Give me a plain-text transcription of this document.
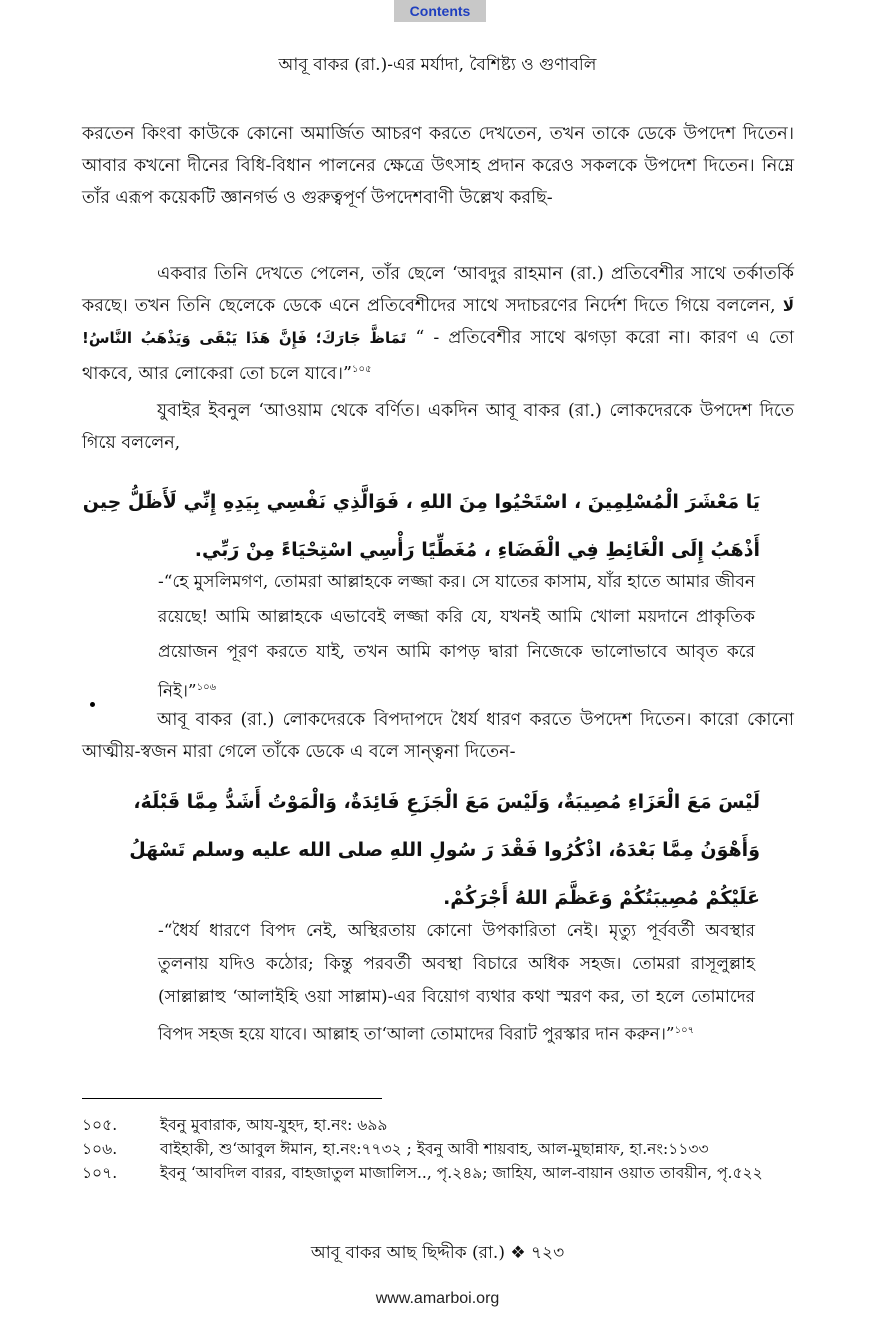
Contents
আবূ বাকর (রা.)-এর মর্যাদা, বৈশিষ্ট্য ও গুণাবলি
করতেন কিংবা কাউকে কোনো অমার্জিত আচরণ করতে দেখতেন, তখন তাকে ডেকে উপদেশ দিতেন। আবার কখনো দীনের বিধি-বিধান পালনের ক্ষেত্রে উৎসাহ প্রদান করেও সকলকে উপদেশ দিতেন। নিম্নে তাঁর এরূপ কয়েকটি জ্ঞানগর্ভ ও গুরুত্বপূর্ণ উপদেশবাণী উল্লেখ করছি-
একবার তিনি দেখতে পেলেন, তাঁর ছেলে ‘আবদুর রাহমান (রা.) প্রতিবেশীর সাথে তর্কাতর্কি করছে। তখন তিনি ছেলেকে ডেকে এনে প্রতিবেশীদের সাথে সদাচরণের নির্দেশ দিতে গিয়ে বললেন, لَا تَمَاظَّ جَارَكَ؛ فَإِنَّ هَذَا يَبْقَى وَيَذْهَبُ النَّاسُ! “ - প্রতিবেশীর সাথে ঝগড়া করো না। কারণ এ তো থাকবে, আর লোকেরা তো চলে যাবে।”$^{১০৫}$
যুবাইর ইবনুল ‘আওয়াম থেকে বর্ণিত। একদিন আবূ বাকর (রা.) লোকদেরকে উপদেশ দিতে গিয়ে বললেন,
يَا مَعْشَرَ الْمُسْلِمِينَ ، اسْتَحْيُوا مِنَ اللهِ ، فَوَالَّذِي نَفْسِي بِيَدِهِ إِنِّي لَأَظَلُّ حِين
أَذْهَبُ إِلَى الْغَائِطِ فِي الْفَضَاءِ ، مُغَطِّيًا رَأْسِي اسْتِحْيَاءً مِنْ رَبِّي.
-“হে মুসলিমগণ, তোমরা আল্লাহকে লজ্জা কর। সে যাতের কাসাম, যাঁর হাতে আমার জীবন রয়েছে! আমি আল্লাহকে এভাবেই লজ্জা করি যে, যখনই আমি খোলা ময়দানে প্রাকৃতিক প্রয়োজন পূরণ করতে যাই, তখন আমি কাপড় দ্বারা নিজেকে ভালোভাবে আবৃত করে নিই।”$^{১০৬}$
আবূ বাকর (রা.) লোকদেরকে বিপদাপদে ধৈর্য ধারণ করতে উপদেশ দিতেন। কারো কোনো আত্মীয়-স্বজন মারা গেলে তাঁকে ডেকে এ বলে সান্ত্বনা দিতেন-
لَيْسَ مَعَ الْعَزَاءِ مُصِيبَةٌ، وَلَيْسَ مَعَ الْجَزَعِ فَائِدَةٌ، وَالْمَوْتُ أَشَدُّ مِمَّا قَبْلَهُ،
وَأَهْوَنُ مِمَّا بَعْدَهُ، اذْكُرُوا فَقْدَ رَ سُولِ اللهِ صلى الله عليه وسلم تَسْهَلُ
عَلَيْكُمْ مُصِيبَتُكُمْ وَعَظَّمَ اللهُ أَجْرَكُمْ.
-“ধৈর্য ধারণে বিপদ নেই, অস্থিরতায় কোনো উপকারিতা নেই। মৃত্যু পূর্ববর্তী অবস্থার তুলনায় যদিও কঠোর; কিন্তু পরবর্তী অবস্থা বিচারে অধিক সহজ। তোমরা রাসূলুল্লাহ (সাল্লাল্লাহু ‘আলাইহি ওয়া সাল্লাম)-এর বিয়োগ ব্যথার কথা স্মরণ কর, তা হলে তোমাদের বিপদ সহজ হয়ে যাবে। আল্লাহ তা‘আলা তোমাদের বিরাট পুরস্কার দান করুন।”$^{১০৭}$
১০৫.	ইবনু মুবারাক, আয-যুহদ, হা.নং: ৬৯৯
১০৬.	বাইহাকী, শু‘আবুল ঈমান, হা.নং:৭৭৩২ ; ইবনু আবী শায়বাহ, আল-মুছান্নাফ, হা.নং:১১৩৩
১০৭.	ইবনু ‘আবদিল বারর, বাহজাতুল মাজালিস.., পৃ.২৪৯; জাহিয, আল-বায়ান ওয়াত তাবয়ীন, পৃ.৫২২
আবূ বাকর আছ ছিদ্দীক (রা.) ❖ ৭২৩
www.amarboi.org
